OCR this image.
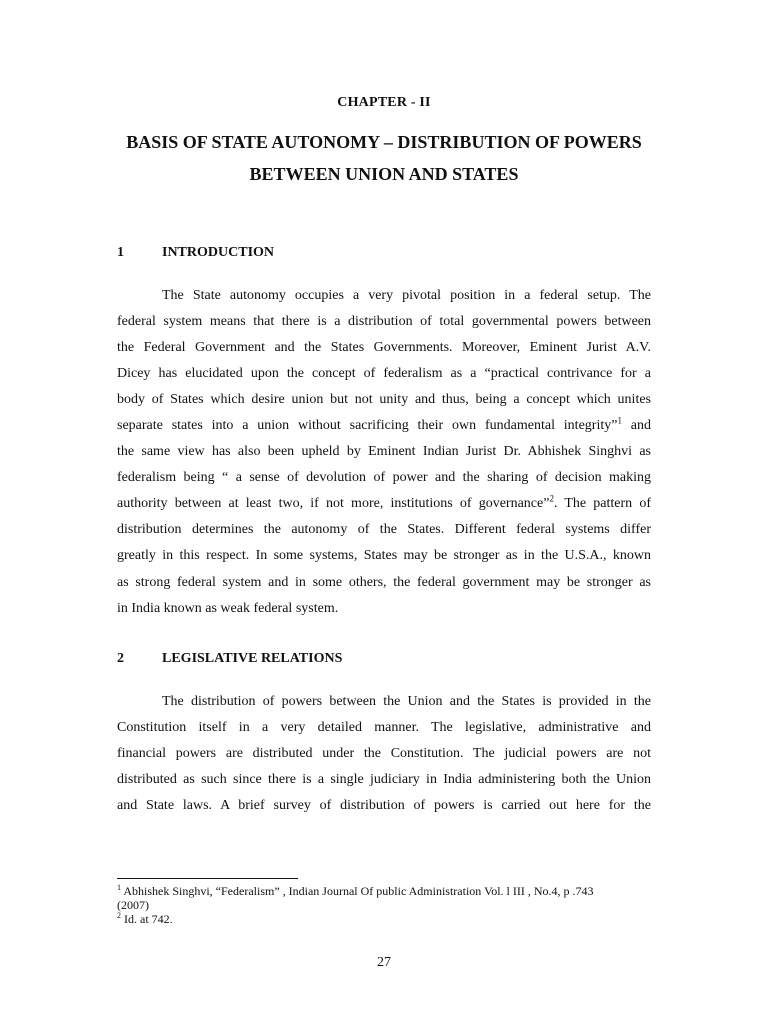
CHAPTER - II
BASIS OF STATE AUTONOMY – DISTRIBUTION OF POWERS
BETWEEN UNION AND STATES
1	INTRODUCTION
The State autonomy occupies a very pivotal position in a federal setup. The
federal system means that there is a distribution of total governmental powers between
the Federal Government and the States Governments. Moreover, Eminent Jurist A.V.
Dicey has elucidated upon the concept of federalism as a “practical contrivance for a
body of States which desire union but not unity and thus, being a concept which unites
separate states into a union without sacrificing their own fundamental integrity”$^1$ and
the same view has also been upheld by Eminent Indian Jurist Dr. Abhishek Singhvi as
federalism being “ a sense of devolution of power and the sharing of decision making
authority between at least two, if not more, institutions of governance”$^2$. The pattern of
distribution determines the autonomy of the States. Different federal systems differ
greatly in this respect. In some systems, States may be stronger as in the U.S.A., known
as strong federal system and in some others, the federal government may be stronger as
in India known as weak federal system.
2	LEGISLATIVE RELATIONS
The distribution of powers between the Union and the States is provided in the
Constitution itself in a very detailed manner. The legislative, administrative and
financial powers are distributed under the Constitution. The judicial powers are not
distributed as such since there is a single judiciary in India administering both the Union
and State laws. A brief survey of distribution of powers is carried out here for the
$^1$ Abhishek Singhvi, “Federalism” , Indian Journal Of public Administration Vol. l III , No.4, p .743
(2007)
$^2$ Id. at 742.
27
